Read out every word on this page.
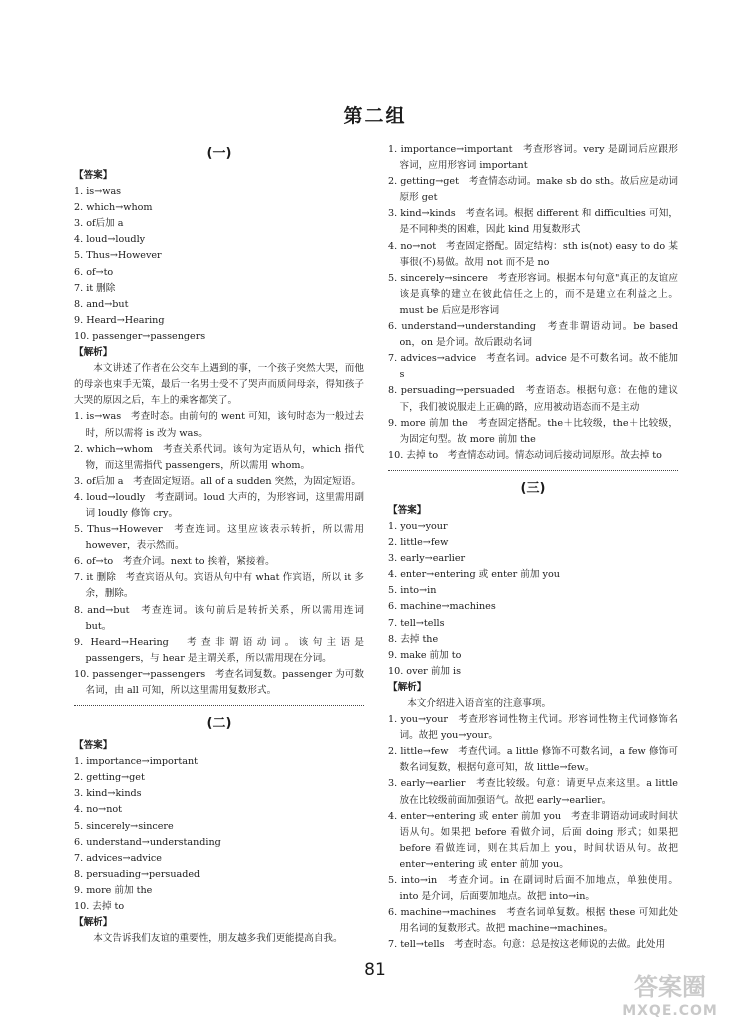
第二组
(一)
【答案】
1. is→was
2. which→whom
3. of后加 a
4. loud→loudly
5. Thus→However
6. of→to
7. it 删除
8. and→but
9. Heard→Hearing
10. passenger→passengers
【解析】
本文讲述了作者在公交车上遇到的事，一个孩子突然大哭，而他的母亲也束手无策，最后一名男士受不了哭声而质问母亲，得知孩子大哭的原因之后，车上的乘客都笑了。
1. is→was　考查时态。由前句的 went 可知，该句时态为一般过去时，所以需将 is 改为 was。
2. which→whom　考查关系代词。该句为定语从句，which 指代物，而这里需指代 passengers，所以需用 whom。
3. of后加 a　考查固定短语。all of a sudden 突然，为固定短语。
4. loud→loudly　考查副词。loud 大声的，为形容词，这里需用副词 loudly 修饰 cry。
5. Thus→However　考查连词。这里应该表示转折，所以需用 however，表示然而。
6. of→to　考查介词。next to 挨着，紧接着。
7. it 删除　考查宾语从句。宾语从句中有 what 作宾语，所以 it 多余，删除。
8. and→but　考查连词。该句前后是转折关系，所以需用连词 but。
9. Heard→Hearing　考查非谓语动词。该句主语是 passengers，与 hear 是主谓关系，所以需用现在分词。
10. passenger→passengers　考查名词复数。passenger 为可数名词，由 all 可知，所以这里需用复数形式。
(二)
【答案】
1. importance→important
2. getting→get
3. kind→kinds
4. no→not
5. sincerely→sincere
6. understand→understanding
7. advices→advice
8. persuading→persuaded
9. more 前加 the
10. 去掉 to
【解析】
本文告诉我们友谊的重要性，朋友越多我们更能提高自我。
1. importance→important　考查形容词。very 是副词后应跟形容词，应用形容词 important
2. getting→get　考查情态动词。make sb do sth。故后应是动词原形 get
3. kind→kinds　考查名词。根据 different 和 difficulties 可知，是不同种类的困难，因此 kind 用复数形式
4. no→not　考查固定搭配。固定结构：sth is(not) easy to do 某事很(不)易做。故用 not 而不是 no
5. sincerely→sincere　考查形容词。根据本句句意"真正的友谊应该是真挚的建立在彼此信任之上的，而不是建立在利益之上。must be 后应是形容词
6. understand→understanding　考查非谓语动词。be based on，on 是介词。故后跟动名词
7. advices→advice　考查名词。advice 是不可数名词。故不能加 s
8. persuading→persuaded　考查语态。根据句意：在他的建议下，我们被说服走上正确的路，应用被动语态而不是主动
9. more 前加 the　考查固定搭配。the＋比较级，the＋比较级，为固定句型。故 more 前加 the
10. 去掉 to　考查情态动词。情态动词后接动词原形。故去掉 to
(三)
【答案】
1. you→your
2. little→few
3. early→earlier
4. enter→entering 或 enter 前加 you
5. into→in
6. machine→machines
7. tell→tells
8. 去掉 the
9. make 前加 to
10. over 前加 is
【解析】
本文介绍进入语音室的注意事项。
1. you→your　考查形容词性物主代词。形容词性物主代词修饰名词。故把 you→your。
2. little→few　考查代词。a little 修饰不可数名词，a few 修饰可数名词复数，根据句意可知，故 little→few。
3. early→earlier　考查比较级。句意：请更早点来这里。a little 放在比较级前面加强语气。故把 early→earlier。
4. enter→entering 或 enter 前加 you　考查非谓语动词或时间状语从句。如果把 before 看做介词，后面 doing 形式；如果把 before 看做连词，则在其后加上 you，时间状语从句。故把 enter→entering 或 enter 前加 you。
5. into→in　考查介词。in 在副词时后面不加地点，单独使用。into 是介词，后面要加地点。故把 into→in。
6. machine→machines　考查名词单复数。根据 these 可知此处用名词的复数形式。故把 machine→machines。
7. tell→tells　考查时态。句意：总是按这老师说的去做。此处用
81
答案圈
MXQE.COM
